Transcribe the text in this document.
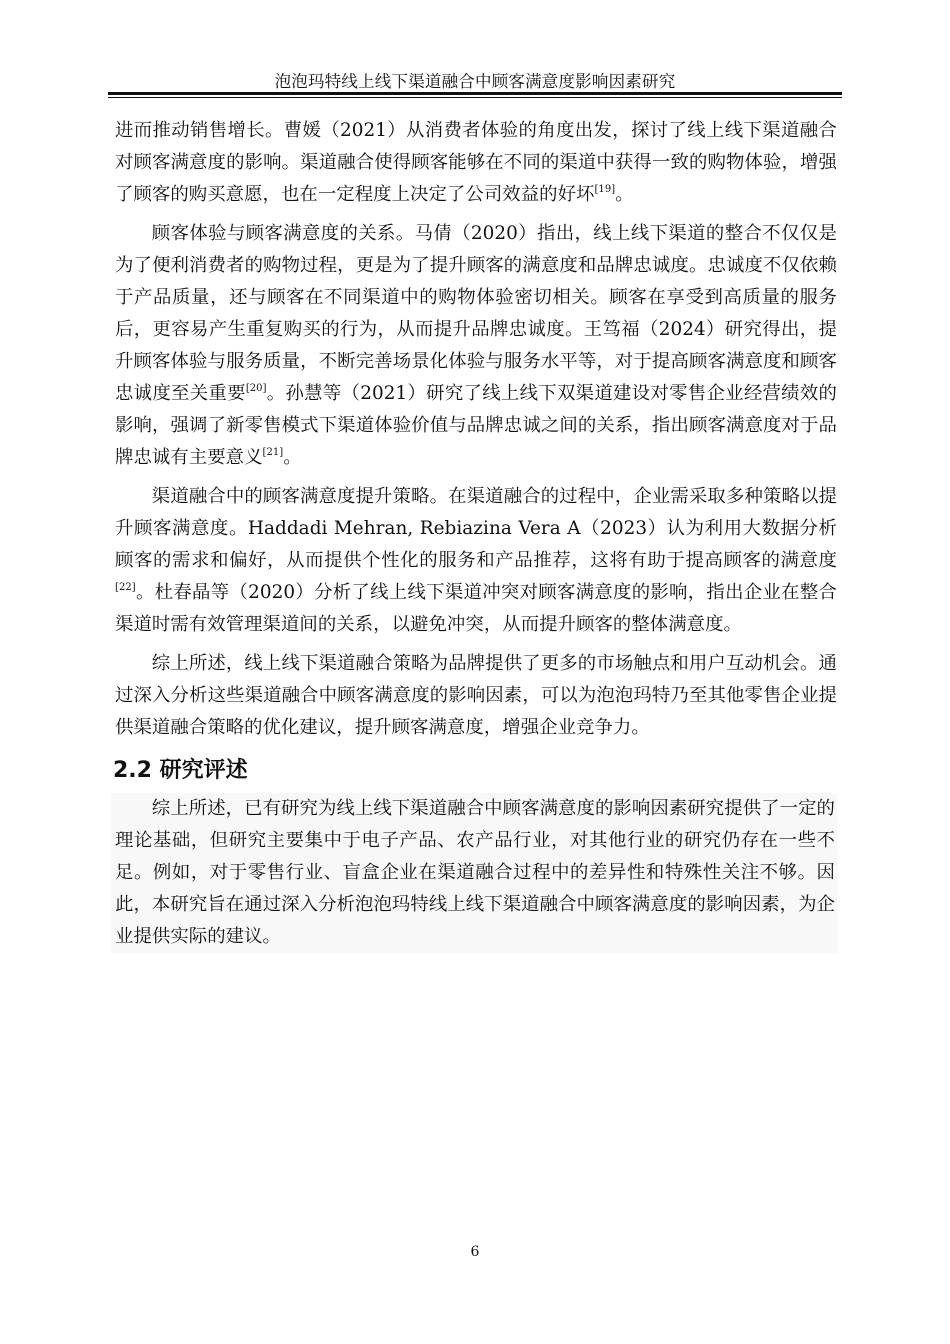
泡泡玛特线上线下渠道融合中顾客满意度影响因素研究

进而推动销售增长。曹媛（2021）从消费者体验的角度出发，探讨了线上线下渠道融合对顾客满意度的影响。渠道融合使得顾客能够在不同的渠道中获得一致的购物体验，增强了顾客的购买意愿，也在一定程度上决定了公司效益的好坏[19]。

顾客体验与顾客满意度的关系。马倩（2020）指出，线上线下渠道的整合不仅仅是为了便利消费者的购物过程，更是为了提升顾客的满意度和品牌忠诚度。忠诚度不仅依赖于产品质量，还与顾客在不同渠道中的购物体验密切相关。顾客在享受到高质量的服务后，更容易产生重复购买的行为，从而提升品牌忠诚度。王笃福（2024）研究得出，提升顾客体验与服务质量，不断完善场景化体验与服务水平等，对于提高顾客满意度和顾客忠诚度至关重要[20]。孙慧等（2021）研究了线上线下双渠道建设对零售企业经营绩效的影响，强调了新零售模式下渠道体验价值与品牌忠诚之间的关系，指出顾客满意度对于品牌忠诚有主要意义[21]。

渠道融合中的顾客满意度提升策略。在渠道融合的过程中，企业需采取多种策略以提升顾客满意度。Haddadi Mehran, Rebiazina Vera A（2023）认为利用大数据分析顾客的需求和偏好，从而提供个性化的服务和产品推荐，这将有助于提高顾客的满意度[22]。杜春晶等（2020）分析了线上线下渠道冲突对顾客满意度的影响，指出企业在整合渠道时需有效管理渠道间的关系，以避免冲突，从而提升顾客的整体满意度。

综上所述，线上线下渠道融合策略为品牌提供了更多的市场触点和用户互动机会。通过深入分析这些渠道融合中顾客满意度的影响因素，可以为泡泡玛特乃至其他零售企业提供渠道融合策略的优化建议，提升顾客满意度，增强企业竞争力。

2.2 研究评述

综上所述，已有研究为线上线下渠道融合中顾客满意度的影响因素研究提供了一定的理论基础，但研究主要集中于电子产品、农产品行业，对其他行业的研究仍存在一些不足。例如，对于零售行业、盲盒企业在渠道融合过程中的差异性和特殊性关注不够。因此，本研究旨在通过深入分析泡泡玛特线上线下渠道融合中顾客满意度的影响因素，为企业提供实际的建议。

6
